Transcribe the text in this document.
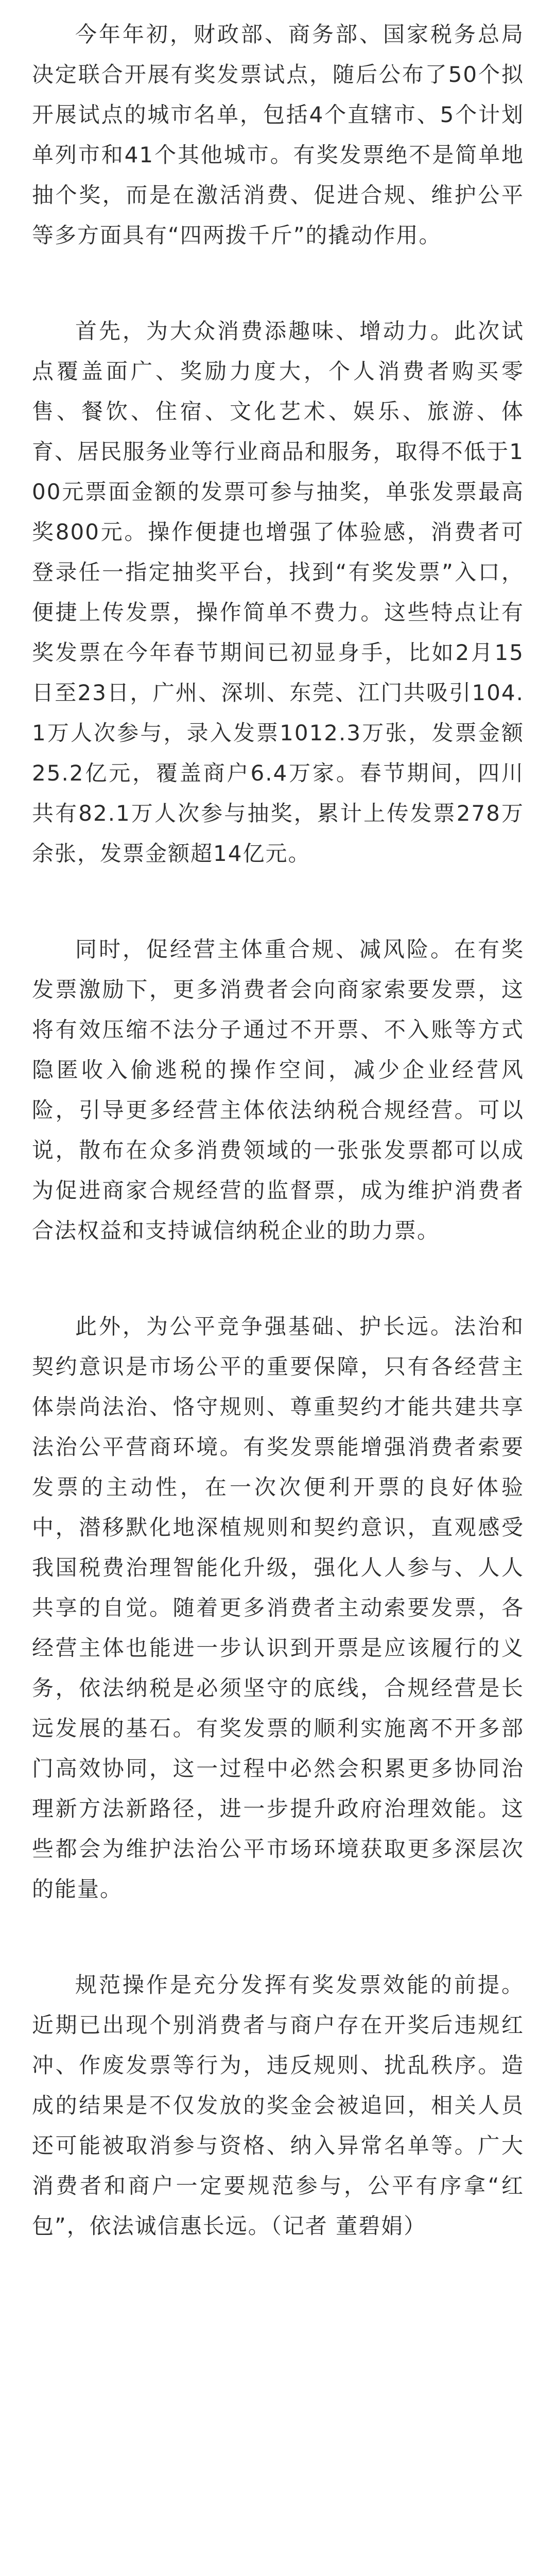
今年年初，财政部、商务部、国家税务总局决定联合开展有奖发票试点，随后公布了50个拟开展试点的城市名单，包括4个直辖市、5个计划单列市和41个其他城市。有奖发票绝不是简单地抽个奖，而是在激活消费、促进合规、维护公平等多方面具有“四两拨千斤”的撬动作用。

首先，为大众消费添趣味、增动力。此次试点覆盖面广、奖励力度大，个人消费者购买零售、餐饮、住宿、文化艺术、娱乐、旅游、体育、居民服务业等行业商品和服务，取得不低于100元票面金额的发票可参与抽奖，单张发票最高奖800元。操作便捷也增强了体验感，消费者可登录任一指定抽奖平台，找到“有奖发票”入口，便捷上传发票，操作简单不费力。这些特点让有奖发票在今年春节期间已初显身手，比如2月15日至23日，广州、深圳、东莞、江门共吸引104.1万人次参与，录入发票1012.3万张，发票金额25.2亿元，覆盖商户6.4万家。春节期间，四川共有82.1万人次参与抽奖，累计上传发票278万余张，发票金额超14亿元。

同时，促经营主体重合规、减风险。在有奖发票激励下，更多消费者会向商家索要发票，这将有效压缩不法分子通过不开票、不入账等方式隐匿收入偷逃税的操作空间，减少企业经营风险，引导更多经营主体依法纳税合规经营。可以说，散布在众多消费领域的一张张发票都可以成为促进商家合规经营的监督票，成为维护消费者合法权益和支持诚信纳税企业的助力票。

此外，为公平竞争强基础、护长远。法治和契约意识是市场公平的重要保障，只有各经营主体崇尚法治、恪守规则、尊重契约才能共建共享法治公平营商环境。有奖发票能增强消费者索要发票的主动性，在一次次便利开票的良好体验中，潜移默化地深植规则和契约意识，直观感受我国税费治理智能化升级，强化人人参与、人人共享的自觉。随着更多消费者主动索要发票，各经营主体也能进一步认识到开票是应该履行的义务，依法纳税是必须坚守的底线，合规经营是长远发展的基石。有奖发票的顺利实施离不开多部门高效协同，这一过程中必然会积累更多协同治理新方法新路径，进一步提升政府治理效能。这些都会为维护法治公平市场环境获取更多深层次的能量。

规范操作是充分发挥有奖发票效能的前提。近期已出现个别消费者与商户存在开奖后违规红冲、作废发票等行为，违反规则、扰乱秩序。造成的结果是不仅发放的奖金会被追回，相关人员还可能被取消参与资格、纳入异常名单等。广大消费者和商户一定要规范参与，公平有序拿“红包”，依法诚信惠长远。（记者 董碧娟）
